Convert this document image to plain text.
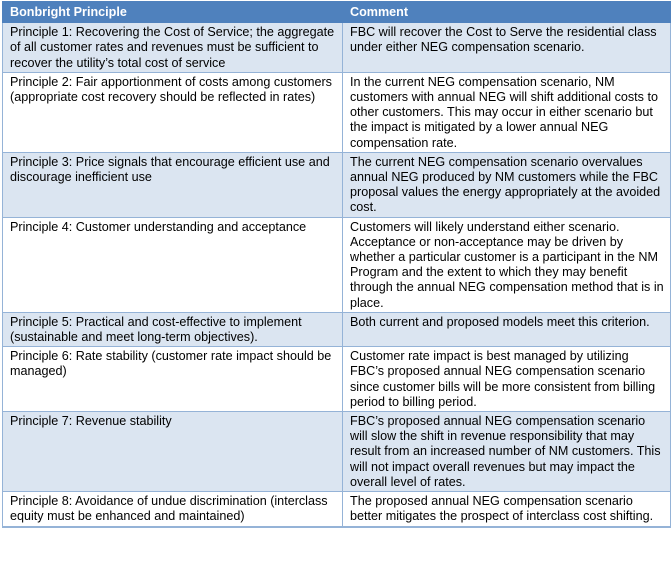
Bonbright Principle	Comment
Principle 1: Recovering the Cost of Service; the aggregate of all customer rates and revenues must be sufficient to recover the utility’s total cost of service	FBC will recover the Cost to Serve the residential class under either NEG compensation scenario.
Principle 2: Fair apportionment of costs among customers (appropriate cost recovery should be reflected in rates)	In the current NEG compensation scenario, NM customers with annual NEG will shift additional costs to other customers. This may occur in either scenario but the impact is mitigated by a lower annual NEG compensation rate.
Principle 3: Price signals that encourage efficient use and discourage inefficient use	The current NEG compensation scenario overvalues annual NEG produced by NM customers while the FBC proposal values the energy appropriately at the avoided cost.
Principle 4: Customer understanding and acceptance	Customers will likely understand either scenario. Acceptance or non-acceptance may be driven by whether a particular customer is a participant in the NM Program and the extent to which they may benefit through the annual NEG compensation method that is in place.
Principle 5: Practical and cost-effective to implement (sustainable and meet long-term objectives).	Both current and proposed models meet this criterion.
Principle 6: Rate stability (customer rate impact should be managed)	Customer rate impact is best managed by utilizing FBC’s proposed annual NEG compensation scenario since customer bills will be more consistent from billing period to billing period.
Principle 7: Revenue stability	FBC’s proposed annual NEG compensation scenario will slow the shift in revenue responsibility that may result from an increased number of NM customers. This will not impact overall revenues but may impact the overall level of rates.
Principle 8: Avoidance of undue discrimination (interclass equity must be enhanced and maintained)	The proposed annual NEG compensation scenario better mitigates the prospect of interclass cost shifting.
